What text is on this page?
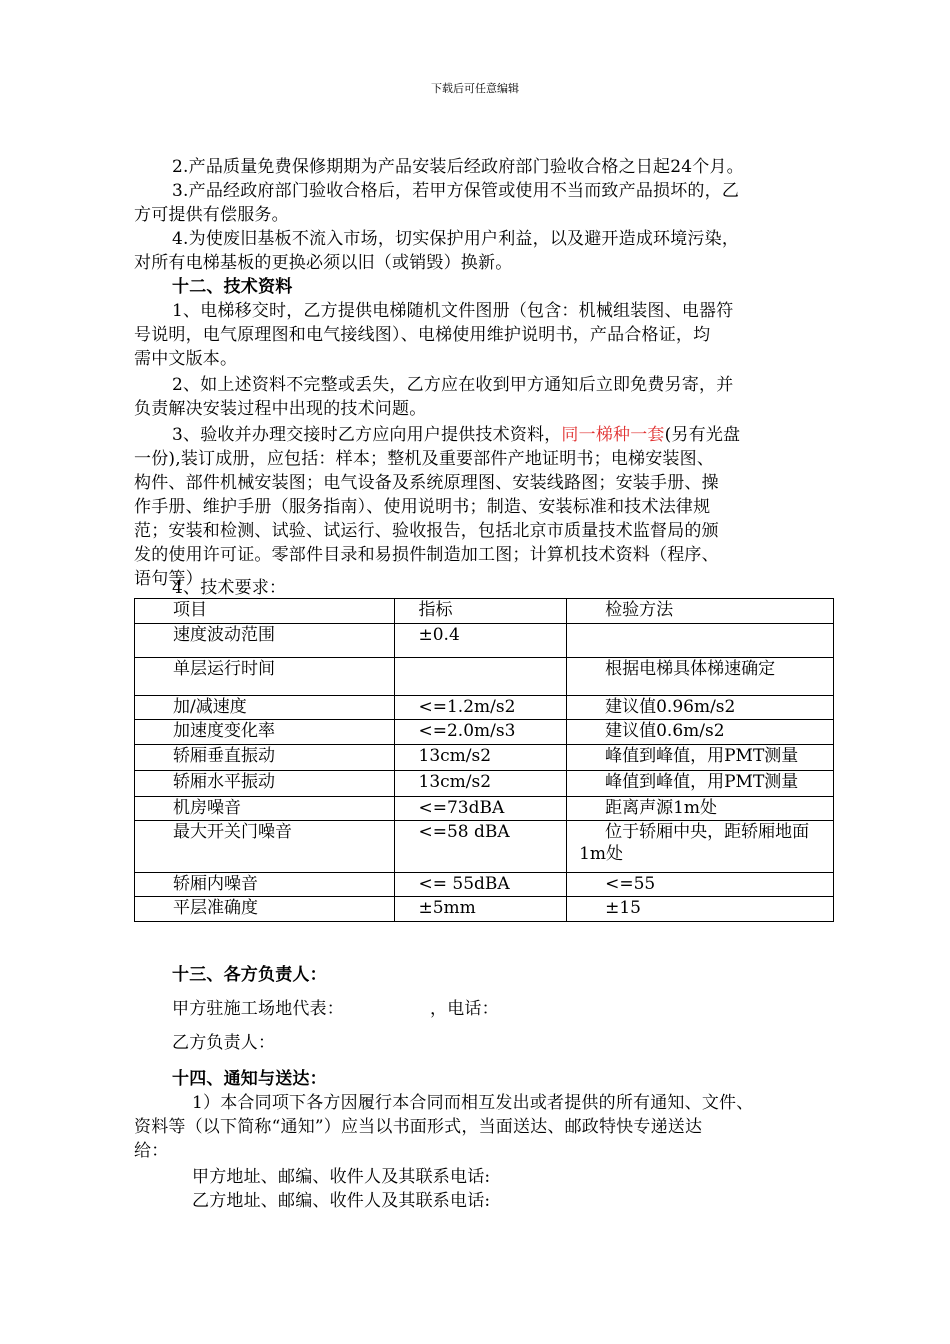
下载后可任意编辑
2.产品质量免费保修期期为产品安装后经政府部门验收合格之日起24个月。
3.产品经政府部门验收合格后，若甲方保管或使用不当而致产品损坏的，乙
方可提供有偿服务。
4.为使废旧基板不流入市场，切实保护用户利益，以及避开造成环境污染，
对所有电梯基板的更换必须以旧（或销毁）换新。
十二、技术资料
1、电梯移交时，乙方提供电梯随机文件图册（包含：机械组装图、电器符
号说明，电气原理图和电气接线图）、电梯使用维护说明书，产品合格证，均
需中文版本。
2、如上述资料不完整或丢失，乙方应在收到甲方通知后立即免费另寄，并
负责解决安装过程中出现的技术问题。
3、验收并办理交接时乙方应向用户提供技术资料，同一梯种一套(另有光盘
一份),装订成册，应包括：样本；整机及重要部件产地证明书；电梯安装图、
构件、部件机械安装图；电气设备及系统原理图、安装线路图；安装手册、操
作手册、维护手册（服务指南）、使用说明书；制造、安装标准和技术法律规
范；安装和检测、试验、试运行、验收报告，包括北京市质量技术监督局的颁
发的使用许可证。零部件目录和易损件制造加工图；计算机技术资料（程序、
语句等）
4、技术要求：
项目	指标	检验方法

速度波动范围	±0.4	

单层运行时间		根据电梯具体梯速确定

加/减速度	<=1.2m/s2	建议值0.96m/s2

加速度变化率	<=2.0m/s3	建议值0.6m/s2

轿厢垂直振动	13cm/s2	峰值到峰值，用PMT测量

轿厢水平振动	13cm/s2	峰值到峰值，用PMT测量

机房噪音	<=73dBA	距离声源1m处

最大开关门噪音	<=58 dBA	位于轿厢中央，距轿厢地面
1m处

轿厢内噪音	<= 55dBA	<=55

平层准确度	±5mm	±15
十三、各方负责人：
甲方驻施工场地代表：	，电话：
乙方负责人：
十四、通知与送达：
1）本合同项下各方因履行本合同而相互发出或者提供的所有通知、文件、
资料等（以下简称“通知”）应当以书面形式，当面送达、邮政特快专递送达
给：
甲方地址、邮编、收件人及其联系电话:
乙方地址、邮编、收件人及其联系电话:
